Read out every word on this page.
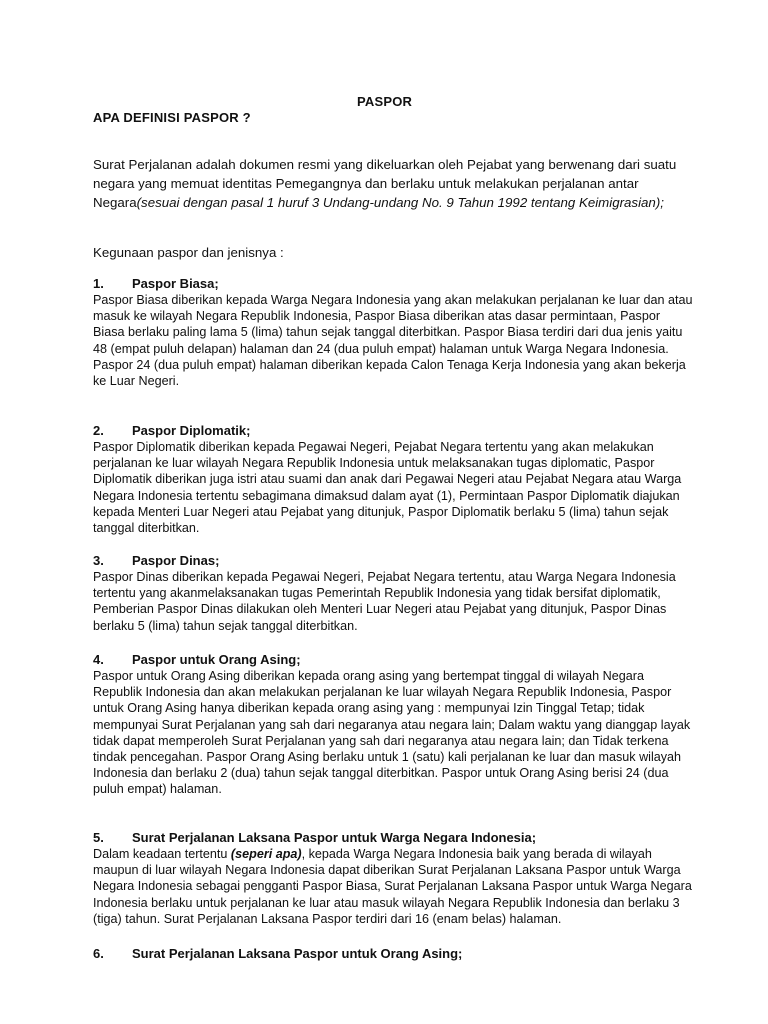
PASPOR
APA DEFINISI PASPOR ?
Surat Perjalanan adalah dokumen resmi yang dikeluarkan oleh Pejabat yang berwenang dari suatu negara yang memuat identitas Pemegangnya dan berlaku untuk melakukan perjalanan antar Negara(sesuai dengan pasal 1 huruf 3 Undang-undang No. 9 Tahun 1992 tentang Keimigrasian);
Kegunaan paspor dan jenisnya :
1. Paspor Biasa;
Paspor Biasa diberikan kepada Warga Negara Indonesia yang akan melakukan perjalanan ke luar dan atau masuk ke wilayah Negara Republik Indonesia, Paspor Biasa diberikan atas dasar permintaan, Paspor Biasa berlaku paling lama 5 (lima) tahun sejak tanggal diterbitkan. Paspor Biasa terdiri dari dua jenis yaitu 48 (empat puluh delapan) halaman dan 24 (dua puluh empat) halaman untuk Warga Negara Indonesia. Paspor 24 (dua puluh empat) halaman diberikan kepada Calon Tenaga Kerja Indonesia yang akan bekerja ke Luar Negeri.
2. Paspor Diplomatik;
Paspor Diplomatik diberikan kepada Pegawai Negeri, Pejabat Negara tertentu yang akan melakukan perjalanan ke luar wilayah Negara Republik Indonesia untuk melaksanakan tugas diplomatic, Paspor Diplomatik diberikan juga istri atau suami dan anak dari Pegawai Negeri atau Pejabat Negara atau Warga Negara Indonesia tertentu sebagimana dimaksud dalam ayat (1), Permintaan Paspor Diplomatik diajukan kepada Menteri Luar Negeri atau Pejabat yang ditunjuk, Paspor Diplomatik berlaku 5 (lima) tahun sejak tanggal diterbitkan.
3. Paspor Dinas;
Paspor Dinas diberikan kepada Pegawai Negeri, Pejabat Negara tertentu, atau Warga Negara Indonesia tertentu yang akanmelaksanakan tugas Pemerintah Republik Indonesia yang tidak bersifat diplomatik, Pemberian Paspor Dinas dilakukan oleh Menteri Luar Negeri atau Pejabat yang ditunjuk, Paspor Dinas berlaku 5 (lima) tahun sejak tanggal diterbitkan.
4. Paspor untuk Orang Asing;
Paspor untuk Orang Asing diberikan kepada orang asing yang bertempat tinggal di wilayah Negara Republik Indonesia dan akan melakukan perjalanan ke luar wilayah Negara Republik Indonesia, Paspor untuk Orang Asing hanya diberikan kepada orang asing yang : mempunyai Izin Tinggal Tetap; tidak mempunyai Surat Perjalanan yang sah dari negaranya atau negara lain; Dalam waktu yang dianggap layak tidak dapat memperoleh Surat Perjalanan yang sah dari negaranya atau negara lain; dan Tidak terkena tindak pencegahan. Paspor Orang Asing berlaku untuk 1 (satu) kali perjalanan ke luar dan masuk wilayah Indonesia dan berlaku 2 (dua) tahun sejak tanggal diterbitkan. Paspor untuk Orang Asing berisi 24 (dua puluh empat) halaman.
5. Surat Perjalanan Laksana Paspor untuk Warga Negara Indonesia;
Dalam keadaan tertentu (seperi apa), kepada Warga Negara Indonesia baik yang berada di wilayah maupun di luar wilayah Negara Indonesia dapat diberikan Surat Perjalanan Laksana Paspor untuk Warga Negara Indonesia sebagai pengganti Paspor Biasa, Surat Perjalanan Laksana Paspor untuk Warga Negara Indonesia berlaku untuk perjalanan ke luar atau masuk wilayah Negara Republik Indonesia dan berlaku 3 (tiga) tahun. Surat Perjalanan Laksana Paspor terdiri dari 16 (enam belas) halaman.
6. Surat Perjalanan Laksana Paspor untuk Orang Asing;
